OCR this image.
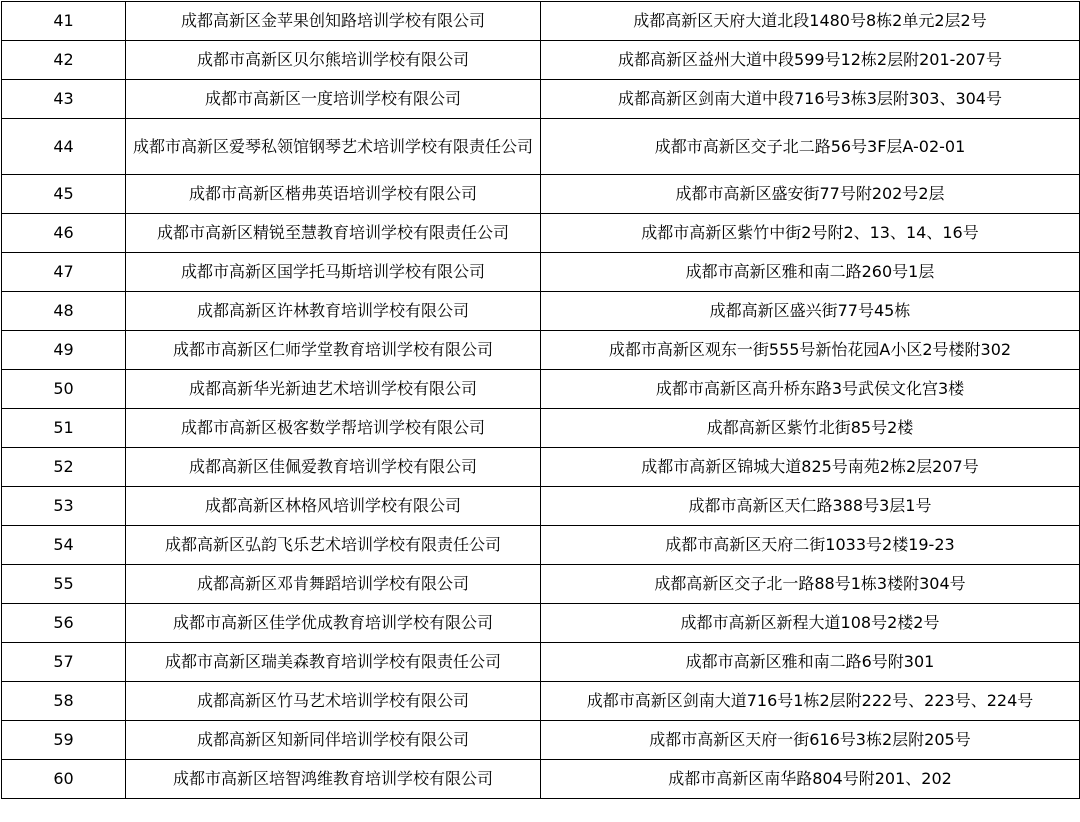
41	成都高新区金苹果创知路培训学校有限公司	成都高新区天府大道北段1480号8栋2单元2层2号
42	成都市高新区贝尔熊培训学校有限公司	成都高新区益州大道中段599号12栋2层附201-207号
43	成都市高新区一度培训学校有限公司	成都高新区剑南大道中段716号3栋3层附303、304号
44	成都市高新区爱琴私领馆钢琴艺术培训学校有限责任公司	成都市高新区交子北二路56号3F层A-02-01
45	成都市高新区楷弗英语培训学校有限公司	成都市高新区盛安街77号附202号2层
46	成都市高新区精锐至慧教育培训学校有限责任公司	成都市高新区紫竹中街2号附2、13、14、16号
47	成都市高新区国学托马斯培训学校有限公司	成都市高新区雅和南二路260号1层
48	成都高新区许林教育培训学校有限公司	成都高新区盛兴街77号45栋
49	成都市高新区仁师学堂教育培训学校有限公司	成都市高新区观东一街555号新怡花园A小区2号楼附302
50	成都高新华光新迪艺术培训学校有限公司	成都市高新区高升桥东路3号武侯文化宫3楼
51	成都市高新区极客数学帮培训学校有限公司	成都高新区紫竹北街85号2楼
52	成都高新区佳佩爱教育培训学校有限公司	成都市高新区锦城大道825号南苑2栋2层207号
53	成都高新区林格风培训学校有限公司	成都市高新区天仁路388号3层1号
54	成都高新区弘韵飞乐艺术培训学校有限责任公司	成都市高新区天府二街1033号2楼19-23
55	成都高新区邓肯舞蹈培训学校有限公司	成都高新区交子北一路88号1栋3楼附304号
56	成都市高新区佳学优成教育培训学校有限公司	成都市高新区新程大道108号2楼2号
57	成都市高新区瑞美森教育培训学校有限责任公司	成都市高新区雅和南二路6号附301
58	成都高新区竹马艺术培训学校有限公司	成都市高新区剑南大道716号1栋2层附222号、223号、224号
59	成都高新区知新同伴培训学校有限公司	成都市高新区天府一街616号3栋2层附205号
60	成都市高新区培智鸿维教育培训学校有限公司	成都市高新区南华路804号附201、202
